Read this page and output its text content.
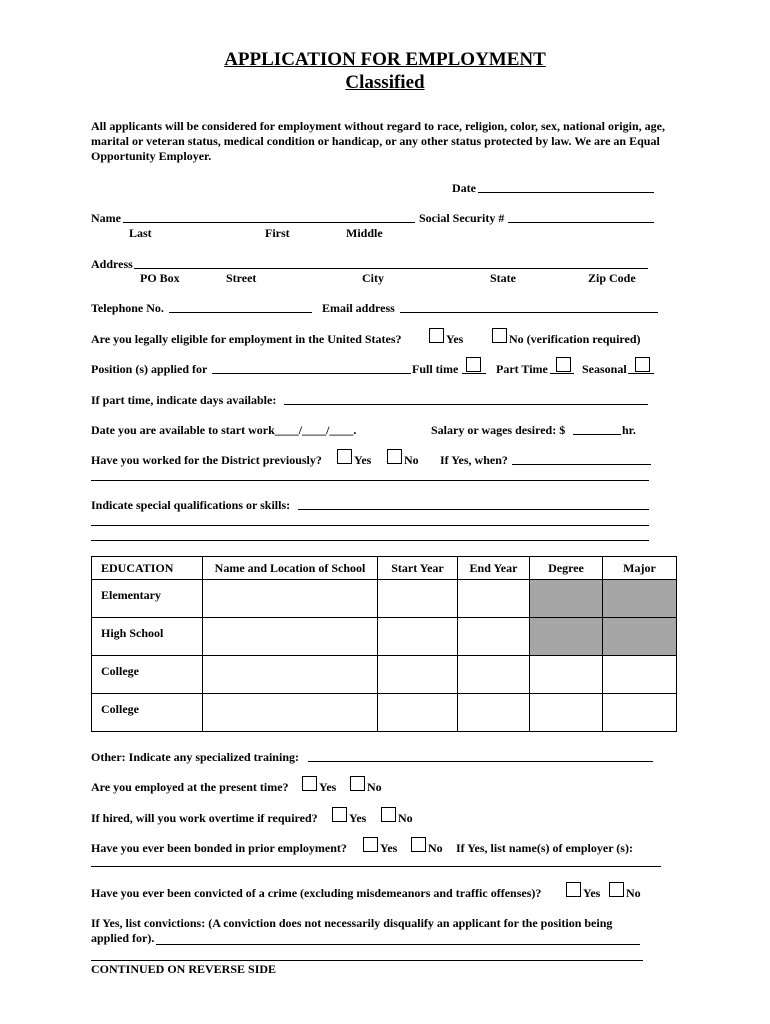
APPLICATION FOR EMPLOYMENT
Classified
All applicants will be considered for employment without regard to race, religion, color, sex, national origin, age, marital or veteran status, medical condition or handicap, or any other status protected by law. We are an Equal Opportunity Employer.
Date
Name	Social Security #
Last	First	Middle
Address
PO Box	Street	City	State	Zip Code
Telephone No.	Email address
Are you legally eligible for employment in the United States?	Yes	No (verification required)
Position (s) applied for	Full time	Part Time	Seasonal
If part time, indicate days available:
Date you are available to start work____/____/____.	Salary or wages desired: $	hr.
Have you worked for the District previously?	Yes	No If Yes, when?
Indicate special qualifications or skills:
EDUCATION	Name and Location of School	Start Year	End Year	Degree	Major
Elementary					
High School					
College					
College					
Other: Indicate any specialized training:
Are you employed at the present time?	Yes	No
If hired, will you work overtime if required?	Yes	No
Have you ever been bonded in prior employment?	Yes	No If Yes, list name(s) of employer (s):
Have you ever been convicted of a crime (excluding misdemeanors and traffic offenses)?	Yes No
If Yes, list convictions: (A conviction does not necessarily disqualify an applicant for the position being applied for).
CONTINUED ON REVERSE SIDE
